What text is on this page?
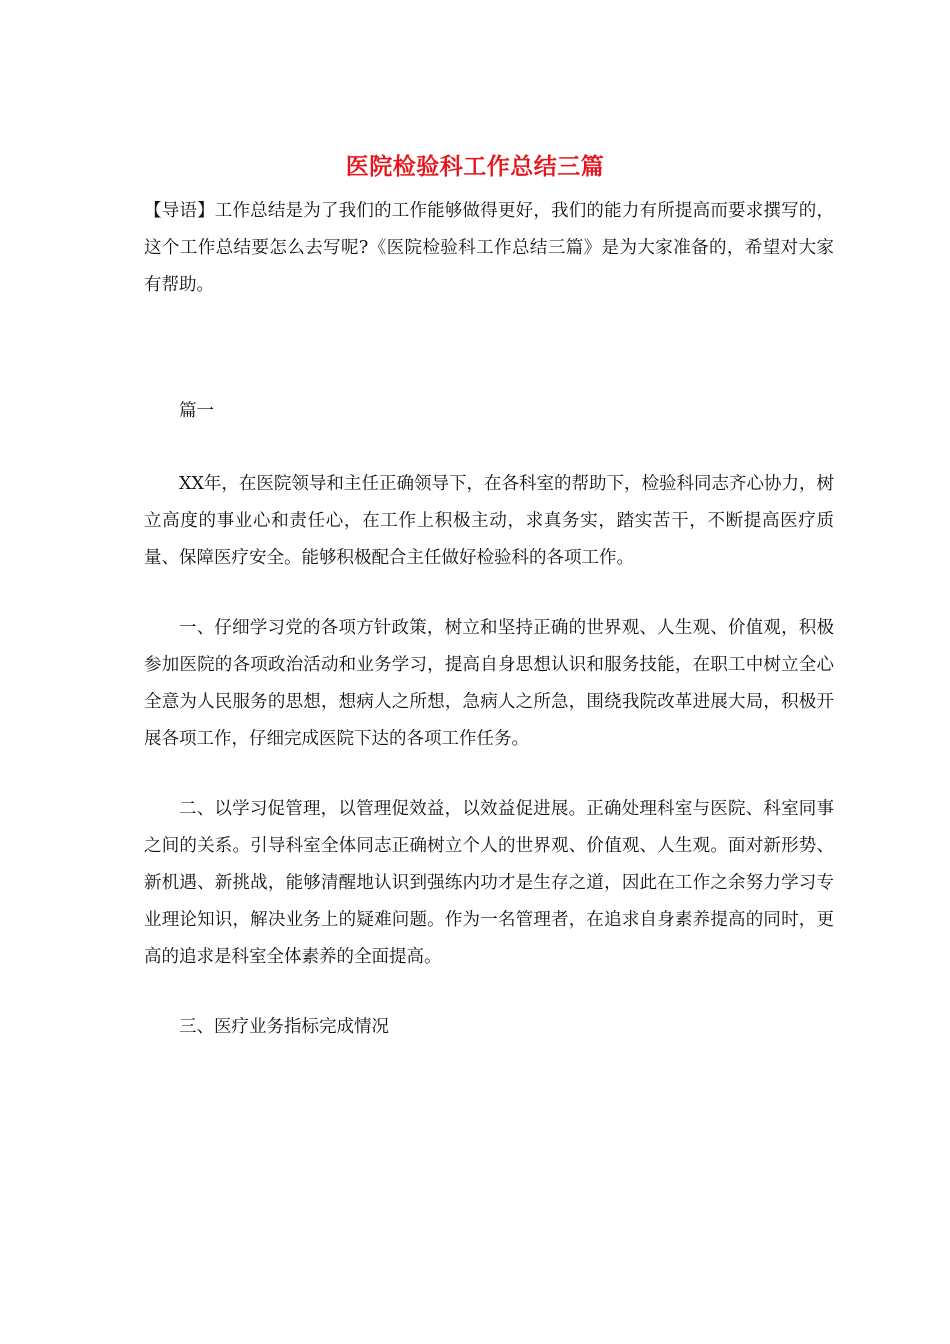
医院检验科工作总结三篇

【导语】工作总结是为了我们的工作能够做得更好，我们的能力有所提高而要求撰写的，这个工作总结要怎么去写呢?《医院检验科工作总结三篇》是为大家准备的，希望对大家有帮助。

篇一

XX年，在医院领导和主任正确领导下，在各科室的帮助下，检验科同志齐心协力，树立高度的事业心和责任心，在工作上积极主动，求真务实，踏实苦干，不断提高医疗质量、保障医疗安全。能够积极配合主任做好检验科的各项工作。

一、仔细学习党的各项方针政策，树立和坚持正确的世界观、人生观、价值观，积极参加医院的各项政治活动和业务学习，提高自身思想认识和服务技能，在职工中树立全心全意为人民服务的思想，想病人之所想，急病人之所急，围绕我院改革进展大局，积极开展各项工作，仔细完成医院下达的各项工作任务。

二、以学习促管理，以管理促效益，以效益促进展。正确处理科室与医院、科室同事之间的关系。引导科室全体同志正确树立个人的世界观、价值观、人生观。面对新形势、新机遇、新挑战，能够清醒地认识到强练内功才是生存之道，因此在工作之余努力学习专业理论知识，解决业务上的疑难问题。作为一名管理者，在追求自身素养提高的同时，更高的追求是科室全体素养的全面提高。

三、医疗业务指标完成情况
